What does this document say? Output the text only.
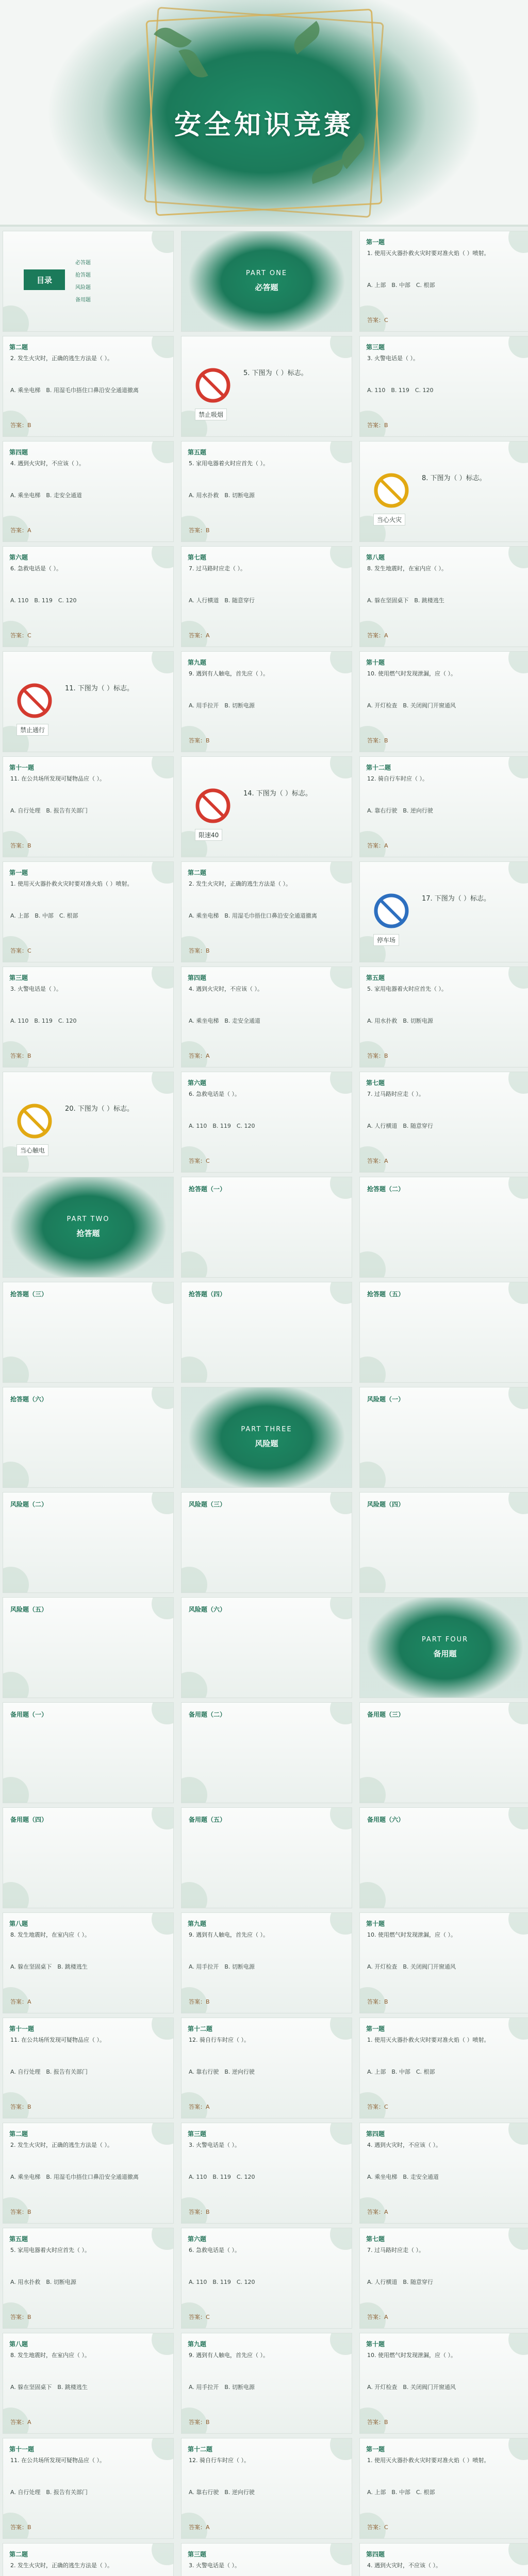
安全知识竞赛
目录
必答题
抢答题
风险题
备用题
PART ONE
必答题
第一题
1. 使用灭火器扑救火灾时要对准火焰（ ）喷射。
A. 上部　B. 中部　C. 根部
答案：C
第二题
2. 发生火灾时，正确的逃生方法是（ ）。
A. 乘坐电梯　B. 用湿毛巾捂住口鼻沿安全通道撤离
答案：B
5. 下图为（ ）标志。
禁止吸烟
第三题
3. 火警电话是（ ）。
A. 110　B. 119　C. 120
答案：B
第四题
4. 遇到火灾时，不应该（ ）。
A. 乘坐电梯　B. 走安全通道
答案：A
第五题
5. 家用电器着火时应首先（ ）。
A. 用水扑救　B. 切断电源
答案：B
8. 下图为（ ）标志。
当心火灾
第六题
6. 急救电话是（ ）。
A. 110　B. 119　C. 120
答案：C
第七题
7. 过马路时应走（ ）。
A. 人行横道　B. 随意穿行
答案：A
第八题
8. 发生地震时，在室内应（ ）。
A. 躲在坚固桌下　B. 跳楼逃生
答案：A
11. 下图为（ ）标志。
禁止通行
第九题
9. 遇到有人触电，首先应（ ）。
A. 用手拉开　B. 切断电源
答案：B
第十题
10. 使用燃气时发现泄漏，应（ ）。
A. 开灯检查　B. 关闭阀门开窗通风
答案：B
第十一题
11. 在公共场所发现可疑物品应（ ）。
A. 自行处理　B. 报告有关部门
答案：B
14. 下图为（ ）标志。
限速40
第十二题
12. 骑自行车时应（ ）。
A. 靠右行驶　B. 逆向行驶
答案：A
第一题
1. 使用灭火器扑救火灾时要对准火焰（ ）喷射。
A. 上部　B. 中部　C. 根部
答案：C
第二题
2. 发生火灾时，正确的逃生方法是（ ）。
A. 乘坐电梯　B. 用湿毛巾捂住口鼻沿安全通道撤离
答案：B
17. 下图为（ ）标志。
停车场
第三题
3. 火警电话是（ ）。
A. 110　B. 119　C. 120
答案：B
第四题
4. 遇到火灾时，不应该（ ）。
A. 乘坐电梯　B. 走安全通道
答案：A
第五题
5. 家用电器着火时应首先（ ）。
A. 用水扑救　B. 切断电源
答案：B
20. 下图为（ ）标志。
当心触电
第六题
6. 急救电话是（ ）。
A. 110　B. 119　C. 120
答案：C
第七题
7. 过马路时应走（ ）。
A. 人行横道　B. 随意穿行
答案：A
PART TWO
抢答题
抢答题（一）	抢答题（二）
抢答题（三）	抢答题（四）	抢答题（五）
抢答题（六）
PART THREE
风险题
风险题（一）
风险题（二）	风险题（三）	风险题（四）
风险题（五）	风险题（六）
PART FOUR
备用题
备用题（一）	备用题（二）	备用题（三）
备用题（四）	备用题（五）	备用题（六）
第八题
8. 发生地震时，在室内应（ ）。
A. 躲在坚固桌下　B. 跳楼逃生
答案：A
第九题
9. 遇到有人触电，首先应（ ）。
A. 用手拉开　B. 切断电源
答案：B
第十题
10. 使用燃气时发现泄漏，应（ ）。
A. 开灯检查　B. 关闭阀门开窗通风
答案：B
第十一题
11. 在公共场所发现可疑物品应（ ）。
A. 自行处理　B. 报告有关部门
答案：B
第十二题
12. 骑自行车时应（ ）。
A. 靠右行驶　B. 逆向行驶
答案：A
第一题
1. 使用灭火器扑救火灾时要对准火焰（ ）喷射。
A. 上部　B. 中部　C. 根部
答案：C
第二题
2. 发生火灾时，正确的逃生方法是（ ）。
A. 乘坐电梯　B. 用湿毛巾捂住口鼻沿安全通道撤离
答案：B
第三题
3. 火警电话是（ ）。
A. 110　B. 119　C. 120
答案：B
第四题
4. 遇到火灾时，不应该（ ）。
A. 乘坐电梯　B. 走安全通道
答案：A
第五题
5. 家用电器着火时应首先（ ）。
A. 用水扑救　B. 切断电源
答案：B
第六题
6. 急救电话是（ ）。
A. 110　B. 119　C. 120
答案：C
第七题
7. 过马路时应走（ ）。
A. 人行横道　B. 随意穿行
答案：A
第八题
8. 发生地震时，在室内应（ ）。
A. 躲在坚固桌下　B. 跳楼逃生
答案：A
第九题
9. 遇到有人触电，首先应（ ）。
A. 用手拉开　B. 切断电源
答案：B
第十题
10. 使用燃气时发现泄漏，应（ ）。
A. 开灯检查　B. 关闭阀门开窗通风
答案：B
第十一题
11. 在公共场所发现可疑物品应（ ）。
A. 自行处理　B. 报告有关部门
答案：B
第十二题
12. 骑自行车时应（ ）。
A. 靠右行驶　B. 逆向行驶
答案：A
第一题
1. 使用灭火器扑救火灾时要对准火焰（ ）喷射。
A. 上部　B. 中部　C. 根部
答案：C
第二题
2. 发生火灾时，正确的逃生方法是（ ）。
第三题
3. 火警电话是（ ）。
第四题
4. 遇到火灾时，不应该（ ）。
